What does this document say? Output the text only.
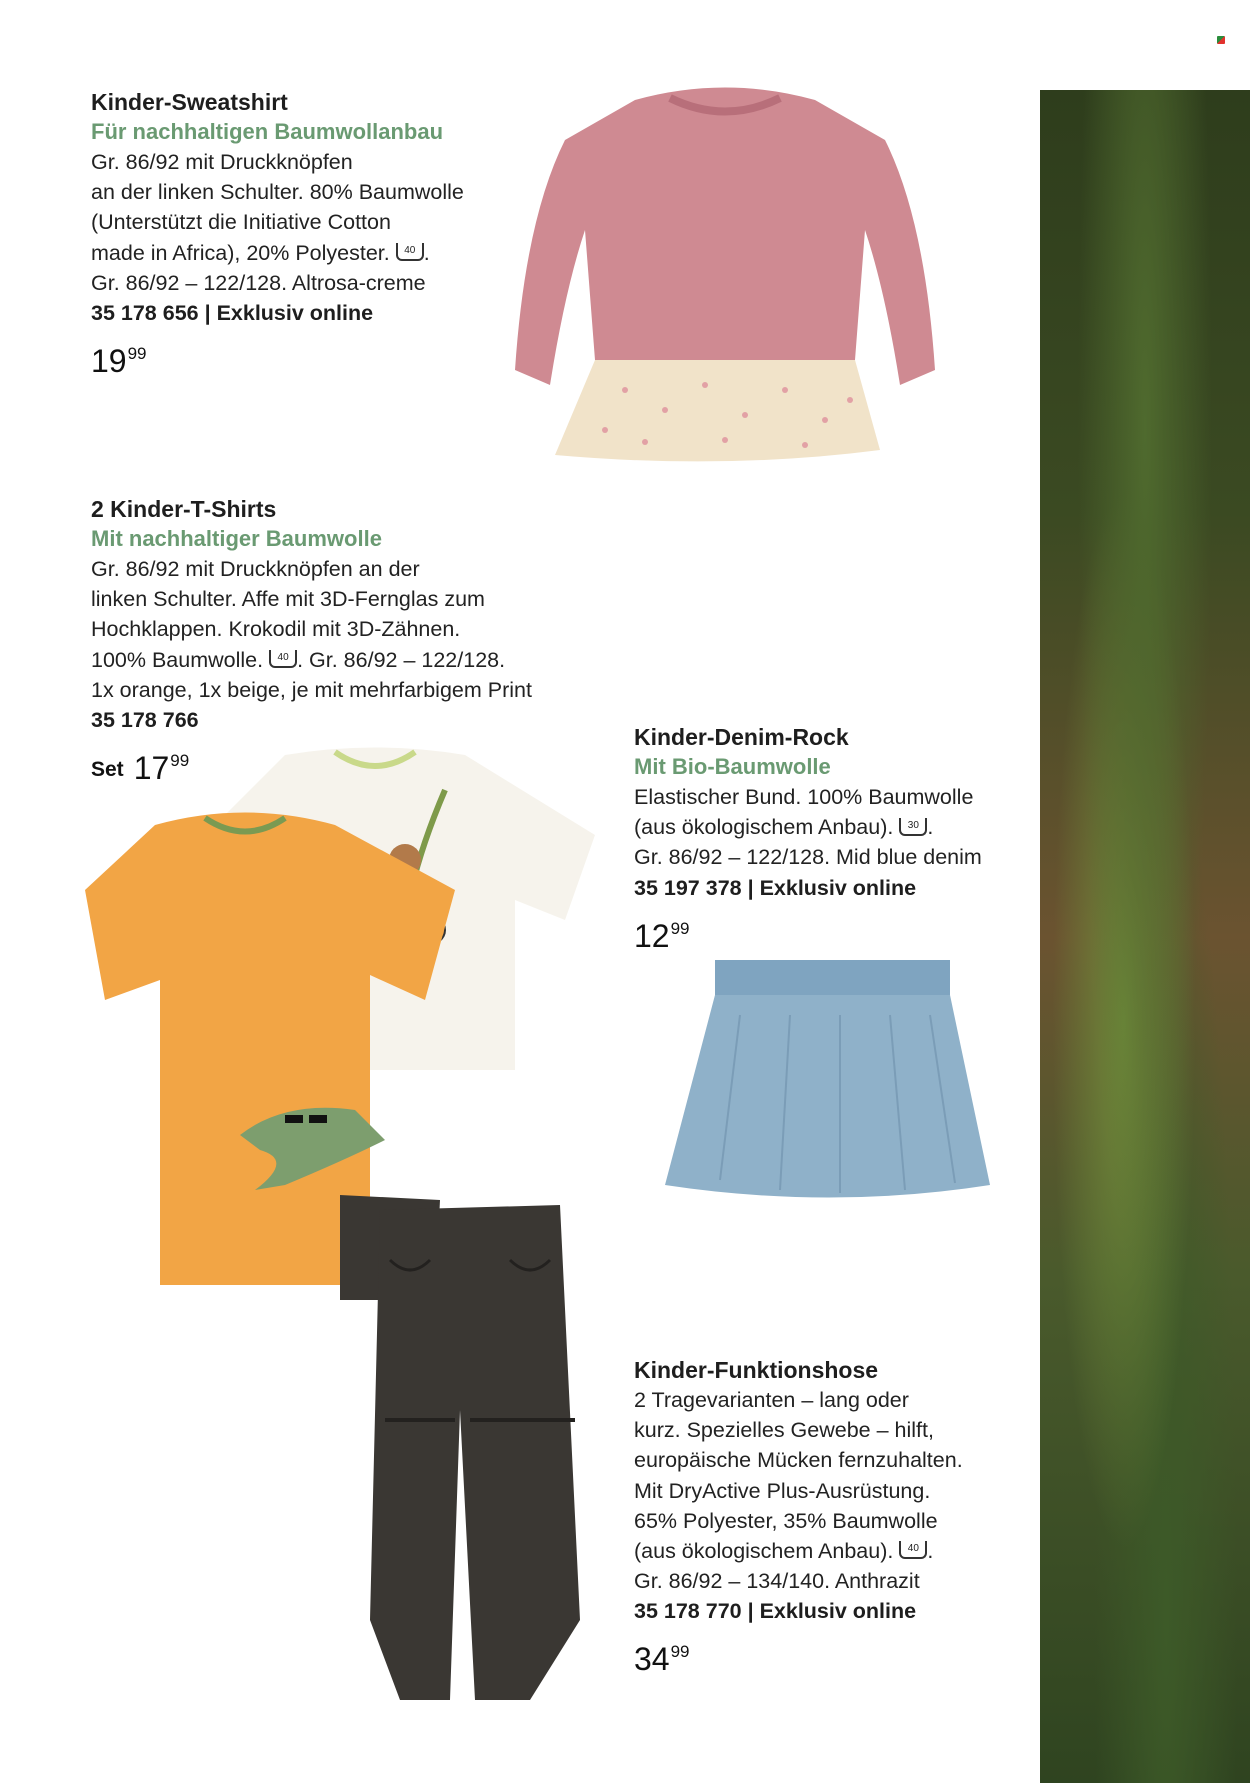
Kinder-Sweatshirt
Für nachhaltigen Baumwollanbau
Gr. 86/92 mit Druckknöpfen
an der linken Schulter. 80% Baumwolle
(Unterstützt die Initiative Cotton
made in Africa), 20% Polyester. 40 .
Gr. 86/92 – 122/128. Altrosa-creme
35 178 656 | Exklusiv online
$19^{99}$
2 Kinder-T-Shirts
Mit nachhaltiger Baumwolle
Gr. 86/92 mit Druckknöpfen an der
linken Schulter. Affe mit 3D-Fernglas zum
Hochklappen. Krokodil mit 3D-Zähnen.
100% Baumwolle. 40 . Gr. 86/92 – 122/128.
1x orange, 1x beige, je mit mehrfarbigem Print
35 178 766
Set $17^{99}$
Kinder-Denim-Rock
Mit Bio-Baumwolle
Elastischer Bund. 100% Baumwolle
(aus ökologischem Anbau). 30 .
Gr. 86/92 – 122/128. Mid blue denim
35 197 378 | Exklusiv online
$12^{99}$
Kinder-Funktionshose
2 Tragevarianten – lang oder
kurz. Spezielles Gewebe – hilft,
europäische Mücken fernzuhalten.
Mit DryActive Plus-Ausrüstung.
65% Polyester, 35% Baumwolle
(aus ökologischem Anbau). 40 .
Gr. 86/92 – 134/140. Anthrazit
35 178 770 | Exklusiv online
$34^{99}$
